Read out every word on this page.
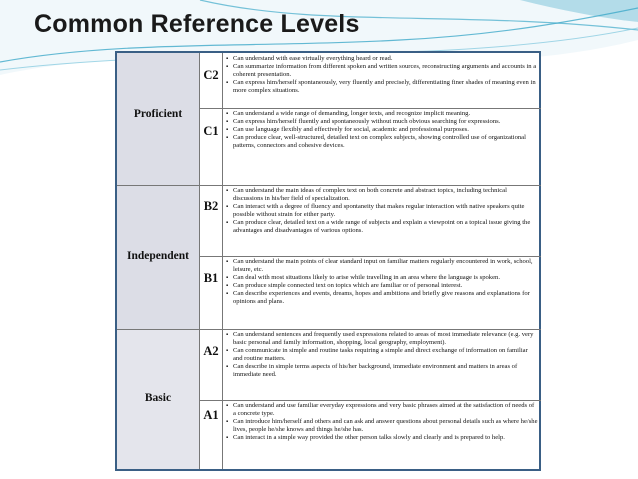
Common Reference Levels
Proficient
Independent
Basic
C2
C1
B2
B1
A2
A1
▪ Can understand with ease virtually everything heard or read.
▪ Can summarize information from different spoken and written sources, reconstructing arguments and accounts in a coherent presentation.
▪ Can express him/herself spontaneously, very fluently and precisely, differentiating finer shades of meaning even in more complex situations.
▪ Can understand a wide range of demanding, longer texts, and recognize implicit meaning.
▪ Can express him/herself fluently and spontaneously without much obvious searching for expressions.
▪ Can use language flexibly and effectively for social, academic and professional purposes.
▪ Can produce clear, well-structured, detailed text on complex subjects, showing controlled use of organizational patterns, connectors and cohesive devices.
▪ Can understand the main ideas of complex text on both concrete and abstract topics, including technical discussions in his/her field of specialization.
▪ Can interact with a degree of fluency and spontaneity that makes regular interaction with native speakers quite possible without strain for either party.
▪ Can produce clear, detailed text on a wide range of subjects and explain a viewpoint on a topical issue giving the advantages and disadvantages of various options.
▪ Can understand the main points of clear standard input on familiar matters regularly encountered in work, school, leisure, etc.
▪ Can deal with most situations likely to arise while travelling in an area where the language is spoken.
▪ Can produce simple connected text on topics which are familiar or of personal interest.
▪ Can describe experiences and events, dreams, hopes and ambitions and briefly give reasons and explanations for opinions and plans.
▪ Can understand sentences and frequently used expressions related to areas of most immediate relevance (e.g. very basic personal and family information, shopping, local geography, employment).
▪ Can communicate in simple and routine tasks requiring a simple and direct exchange of information on familiar and routine matters.
▪ Can describe in simple terms aspects of his/her background, immediate environment and matters in areas of immediate need.
▪ Can understand and use familiar everyday expressions and very basic phrases aimed at the satisfaction of needs of a concrete type.
▪ Can introduce him/herself and others and can ask and answer questions about personal details such as where he/she lives, people he/she knows and things he/she has.
▪ Can interact in a simple way provided the other person talks slowly and clearly and is prepared to help.
